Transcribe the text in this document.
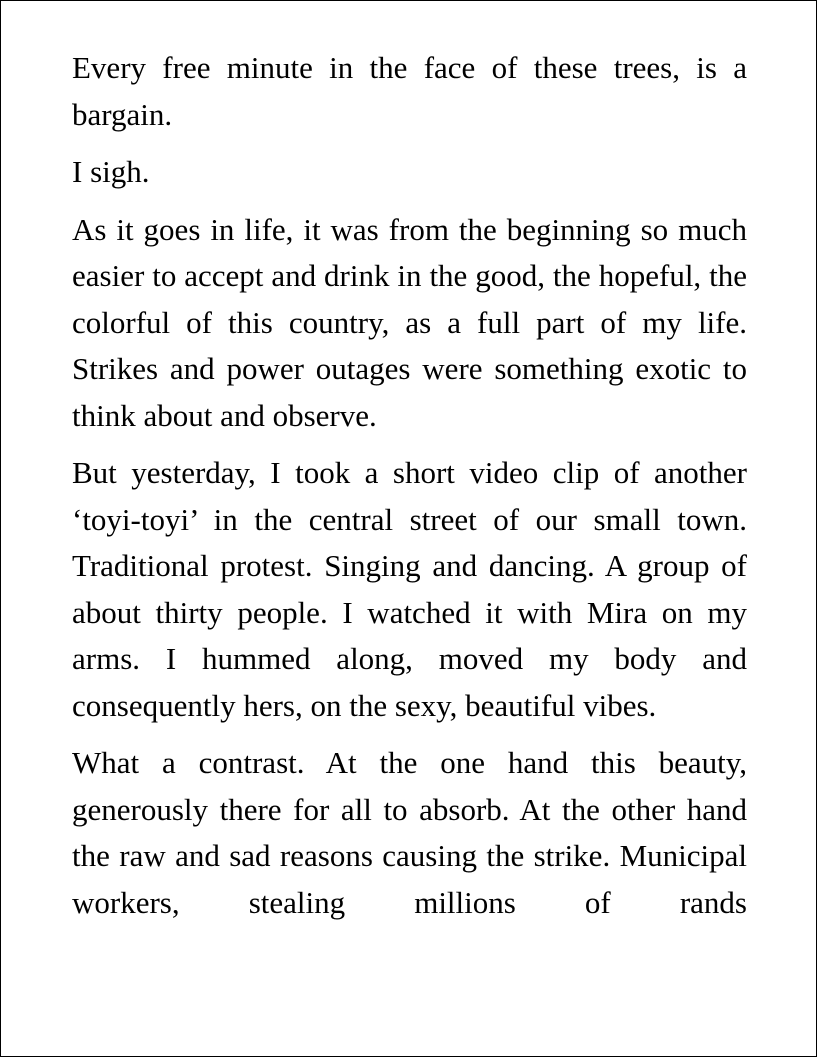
Every free minute in the face of these trees, is a bargain.

I sigh.

As it goes in life, it was from the beginning so much easier to accept and drink in the good, the hopeful, the colorful of this country, as a full part of my life. Strikes and power outages were something exotic to think about and observe.

But yesterday, I took a short video clip of another ‘toyi-toyi’ in the central street of our small town. Traditional protest. Singing and dancing. A group of about thirty people. I watched it with Mira on my arms. I hummed along, moved my body and consequently hers, on the sexy, beautiful vibes.

What a contrast. At the one hand this beauty, generously there for all to absorb. At the other hand the raw and sad reasons causing the strike. Municipal workers, stealing millions of rands
